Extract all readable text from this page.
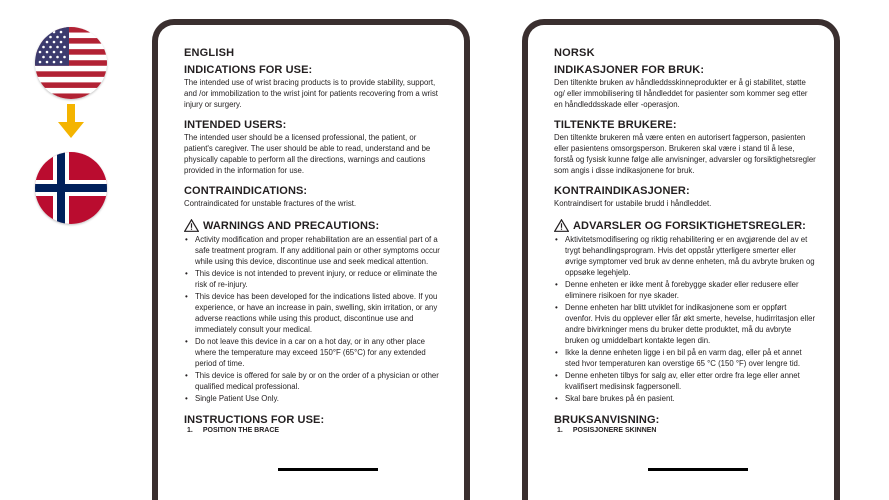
ENGLISH
INDICATIONS FOR USE:

The intended use of wrist bracing products is to provide stability, support, and /or immobilization to the wrist joint for patients recovering from a wrist injury or surgery.

INTENDED USERS:

The intended user should be a licensed professional, the patient, or patient's caregiver. The user should be able to read, understand and be physically capable to perform all the directions, warnings and cautions provided in the information for use.

CONTRAINDICATIONS:

Contraindicated for unstable fractures of the wrist.

WARNINGS AND PRECAUTIONS:
• Activity modification and proper rehabilitation are an essential part of a safe treatment program. If any additional pain or other symptoms occur while using this device, discontinue use and seek medical attention.
• This device is not intended to prevent injury, or reduce or eliminate the risk of re-injury.
• This device has been developed for the indications listed above. If you experience, or have an increase in pain, swelling, skin irritation, or any adverse reactions while using this product, discontinue use and immediately consult your medical.
• Do not leave this device in a car on a hot day, or in any other place where the temperature may exceed 150°F (65°C) for any extended period of time.
• This device is offered for sale by or on the order of a physician or other qualified medical professional.
• Single Patient Use Only.
INSTRUCTIONS FOR USE:
1. POSITION THE BRACE
NORSK
INDIKASJONER FOR BRUK:

Den tiltenkte bruken av håndleddsskinneprodukter er å gi stabilitet, støtte og/ eller immobilisering til håndleddet for pasienter som kommer seg etter en håndleddsskade eller -operasjon.

TILTENKTE BRUKERE:

Den tiltenkte brukeren må være enten en autorisert fagperson, pasienten eller pasientens omsorgsperson. Brukeren skal være i stand til å lese, forstå og fysisk kunne følge alle anvisninger, advarsler og forsiktighetsregler som angis i disse indikasjonene for bruk.

KONTRAINDIKASJONER:

Kontraindisert for ustabile brudd i håndleddet.

ADVARSLER OG FORSIKTIGHETSREGLER:
• Aktivitetsmodifisering og riktig rehabilitering er en avgjørende del av et trygt behandlingsprogram. Hvis det oppstår ytterligere smerter eller øvrige symptomer ved bruk av denne enheten, må du avbryte bruken og oppsøke legehjelp.
• Denne enheten er ikke ment å forebygge skader eller redusere eller eliminere risikoen for nye skader.
• Denne enheten har blitt utviklet for indikasjonene som er oppført ovenfor. Hvis du opplever eller får økt smerte, hevelse, hudirritasjon eller andre bivirkninger mens du bruker dette produktet, må du avbryte bruken og umiddelbart kontakte legen din.
• Ikke la denne enheten ligge i en bil på en varm dag, eller på et annet sted hvor temperaturen kan overstige 65 °C (150 °F) over lengre tid.
• Denne enheten tilbys for salg av, eller etter ordre fra lege eller annet kvalifisert medisinsk fagpersonell.
• Skal bare brukes på én pasient.
BRUKSANVISNING:
1. POSISJONERE SKINNEN
